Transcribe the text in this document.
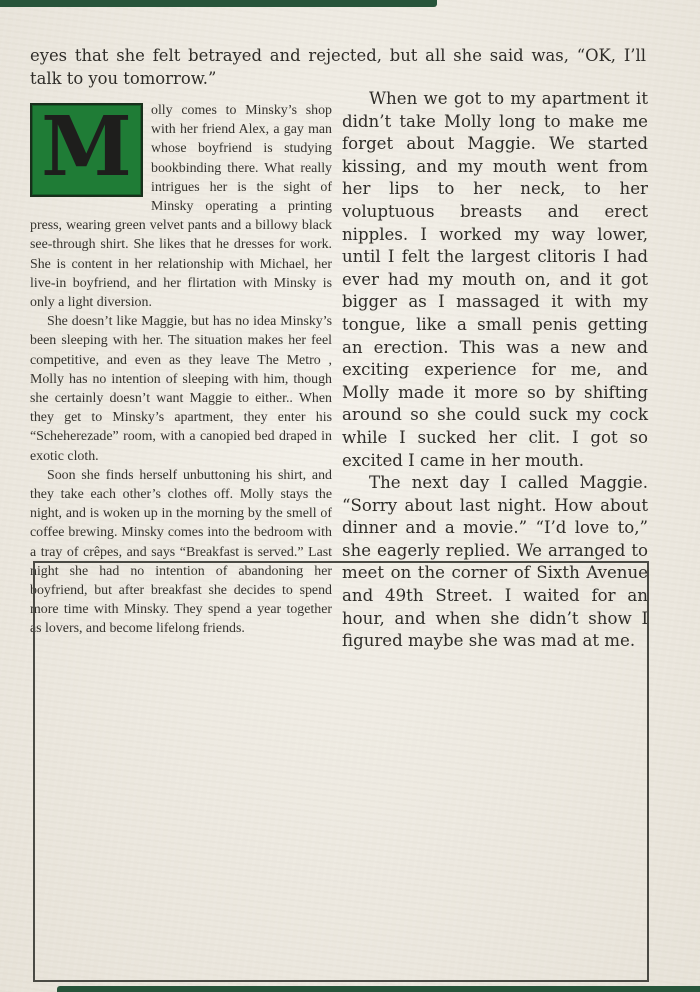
eyes that she felt betrayed and rejected, but all she said was, “OK, I’ll talk to you tomorrow.”

M olly comes to Minsky’s shop with her friend Alex, a gay man whose boyfriend is studying bookbinding there. What really intrigues her is the sight of Minsky operating a printing press, wearing green velvet pants and a billowy black see-through shirt. She likes that he dresses for work. She is content in her relationship with Michael, her live-in boyfriend, and her flirtation with Minsky is only a light diversion.

She doesn’t like Maggie, but has no idea Minsky’s been sleeping with her. The situation makes her feel competitive, and even as they leave The Metro , Molly has no intention of sleeping with him, though she certainly doesn’t want Maggie to either.. When they get to Minsky’s apartment, they enter his “Scheherezade” room, with a canopied bed draped in exotic cloth.

Soon she finds herself unbuttoning his shirt, and they take each other’s clothes off. Molly stays the night, and is woken up in the morning by the smell of coffee brewing. Minsky comes into the bedroom with a tray of crêpes, and says “Breakfast is served.” Last night she had no intention of abandoning her boyfriend, but after breakfast she decides to spend more time with Minsky. They spend a year together as lovers, and become lifelong friends.

When we got to my apartment it didn’t take Molly long to make me forget about Maggie. We started kissing, and my mouth went from her lips to her neck, to her voluptuous breasts and erect nipples. I worked my way lower, until I felt the largest clitoris I had ever had my mouth on, and it got bigger as I massaged it with my tongue, like a small penis getting an erection. This was a new and exciting experience for me, and Molly made it more so by shifting around so she could suck my cock while I sucked her clit. I got so excited I came in her mouth.

The next day I called Maggie. “Sorry about last night. How about dinner and a movie.” “I’d love to,” she eagerly replied. We arranged to meet on the corner of Sixth Avenue and 49th Street. I waited for an hour, and when she didn’t show I figured maybe she was mad at me.
